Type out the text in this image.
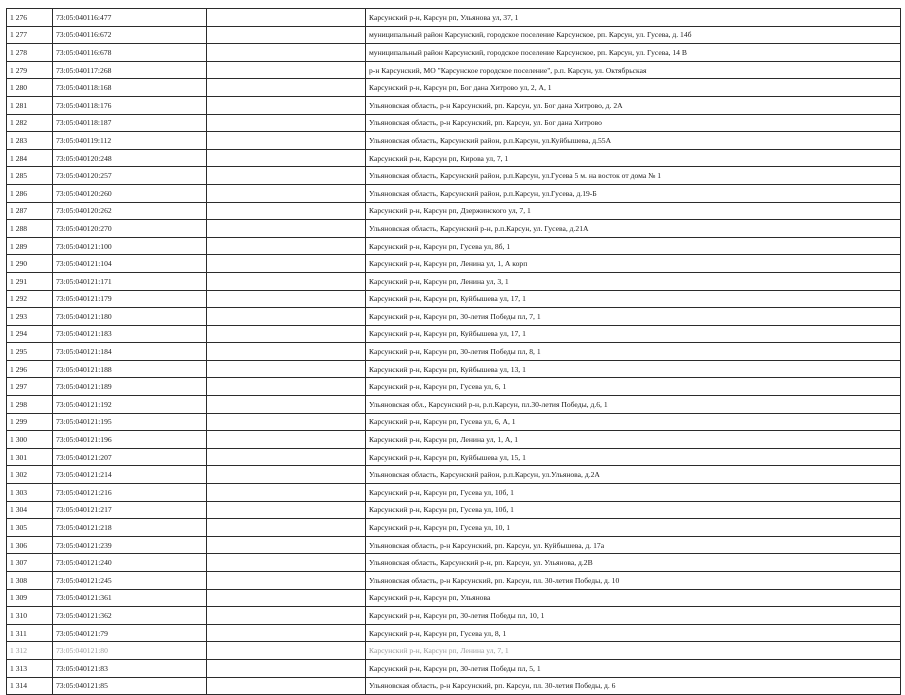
1 276	73:05:040116:477		Карсунский р-н, Карсун рп, Ульянова ул, 37, 1
1 277	73:05:040116:672		муниципальный район Карсунский, городское поселение Карсунское, рп. Карсун, ул. Гусева, д. 14б
1 278	73:05:040116:678		муниципальный район Карсунский, городское поселение Карсунское, рп. Карсун, ул. Гусева, 14 В
1 279	73:05:040117:268		р-н Карсунский, МО "Карсунское городское поселение", р.п. Карсун, ул. Октябрьская
1 280	73:05:040118:168		Карсунский р-н, Карсун рп, Бог дана Хитрово ул, 2, А, 1
1 281	73:05:040118:176		Ульяновская область, р-н Карсунский, рп. Карсун, ул. Бог дана Хитрово, д. 2А
1 282	73:05:040118:187		Ульяновская область, р-н Карсунский, рп. Карсун, ул. Бог дана Хитрово
1 283	73:05:040119:112		Ульяновская область, Карсунский район, р.п.Карсун, ул.Куйбышева, д.55А
1 284	73:05:040120:248		Карсунский р-н, Карсун рп, Кирова ул, 7, 1
1 285	73:05:040120:257		Ульяновская область, Карсунский район, р.п.Карсун, ул.Гусева 5 м. на восток от дома № 1
1 286	73:05:040120:260		Ульяновская область, Карсунский район, р.п.Карсун, ул.Гусева, д.19-Б
1 287	73:05:040120:262		Карсунский р-н, Карсун рп, Дзержинского ул, 7, 1
1 288	73:05:040120:270		Ульяновская область, Карсунский р-н, р.п.Карсун, ул. Гусева, д.21А
1 289	73:05:040121:100		Карсунский р-н, Карсун рп, Гусева ул, 8б, 1
1 290	73:05:040121:104		Карсунский р-н, Карсун рп, Ленина ул, 1, А корп
1 291	73:05:040121:171		Карсунский р-н, Карсун рп, Ленина ул, 3, 1
1 292	73:05:040121:179		Карсунский р-н, Карсун рп, Куйбышева ул, 17, 1
1 293	73:05:040121:180		Карсунский р-н, Карсун рп, 30-летия Победы пл, 7, 1
1 294	73:05:040121:183		Карсунский р-н, Карсун рп, Куйбышева ул, 17, 1
1 295	73:05:040121:184		Карсунский р-н, Карсун рп, 30-летия Победы пл, 8, 1
1 296	73:05:040121:188		Карсунский р-н, Карсун рп, Куйбышева ул, 13, 1
1 297	73:05:040121:189		Карсунский р-н, Карсун рп, Гусева ул, 6, 1
1 298	73:05:040121:192		Ульяновская обл., Карсунский р-н, р.п.Карсун, пл.30-летия Победы, д.6, 1
1 299	73:05:040121:195		Карсунский р-н, Карсун рп, Гусева ул, 6, А, 1
1 300	73:05:040121:196		Карсунский р-н, Карсун рп, Ленина ул, 1, А, 1
1 301	73:05:040121:207		Карсунский р-н, Карсун рп, Куйбышева ул, 15, 1
1 302	73:05:040121:214		Ульяновская область, Карсунский район, р.п.Карсун, ул.Ульянова, д.2А
1 303	73:05:040121:216		Карсунский р-н, Карсун рп, Гусева ул, 10б, 1
1 304	73:05:040121:217		Карсунский р-н, Карсун рп, Гусева ул, 10б, 1
1 305	73:05:040121:218		Карсунский р-н, Карсун рп, Гусева ул, 10, 1
1 306	73:05:040121:239		Ульяновская область, р-н Карсунский, рп. Карсун, ул. Куйбышева, д. 17а
1 307	73:05:040121:240		Ульяновская область, Карсунский р-н, рп. Карсун, ул. Ульянова, д.2В
1 308	73:05:040121:245		Ульяновская область, р-н Карсунский, рп. Карсун, пл. 30-летия Победы, д. 10
1 309	73:05:040121:361		Карсунский р-н, Карсун рп, Ульянова
1 310	73:05:040121:362		Карсунский р-н, Карсун рп, 30-летия Победы пл, 10, 1
1 311	73:05:040121:79		Карсунский р-н, Карсун рп, Гусева ул, 8, 1
1 312	73:05:040121:80		Карсунский р-н, Карсун рп, Ленина ул, 7, 1
1 313	73:05:040121:83		Карсунский р-н, Карсун рп, 30-летия Победы пл, 5, 1
1 314	73:05:040121:85		Ульяновская область, р-н Карсунский, рп. Карсун, пл. 30-летия Победы, д. 6
